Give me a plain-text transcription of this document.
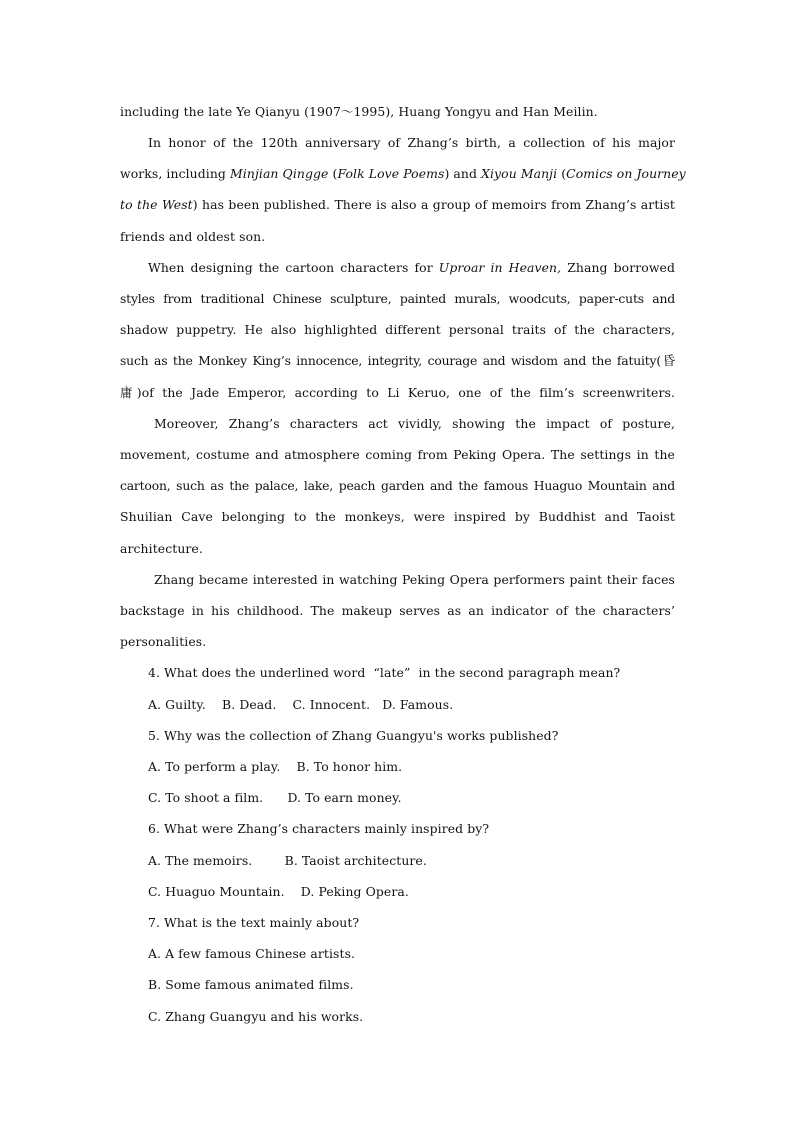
including the late Ye Qianyu (1907～1995), Huang Yongyu and Han Meilin.
In honor of the 120th anniversary of Zhang’s birth, a collection of his major
works, including Minjian Qingge (Folk Love Poems) and Xiyou Manji (Comics on Journey
to the West) has been published. There is also a group of memoirs from Zhang’s artist
friends and oldest son.
When designing the cartoon characters for Uproar in Heaven, Zhang borrowed
styles from traditional Chinese sculpture, painted murals, woodcuts, paper-cuts and
shadow puppetry. He also highlighted different personal traits of the characters,
such as the Monkey King’s innocence, integrity, courage and wisdom and the fatuity(昏
庸)of the Jade Emperor, according to Li Keruo, one of the film’s screenwriters.
Moreover, Zhang’s characters act vividly, showing the impact of posture,
movement, costume and atmosphere coming from Peking Opera. The settings in the
cartoon, such as the palace, lake, peach garden and the famous Huaguo Mountain and
Shuilian Cave belonging to the monkeys, were inspired by Buddhist and Taoist
architecture.
Zhang became interested in watching Peking Opera performers paint their faces
backstage in his childhood. The makeup serves as an indicator of the characters’
personalities.
4. What does the underlined word  “late”  in the second paragraph mean?
A. Guilty.    B. Dead.    C. Innocent.   D. Famous.
5. Why was the collection of Zhang Guangyu's works published?
A. To perform a play.    B. To honor him.
C. To shoot a film.      D. To earn money.
6. What were Zhang’s characters mainly inspired by?
A. The memoirs.        B. Taoist architecture.
C. Huaguo Mountain.    D. Peking Opera.
7. What is the text mainly about?
A. A few famous Chinese artists.
B. Some famous animated films.
C. Zhang Guangyu and his works.
